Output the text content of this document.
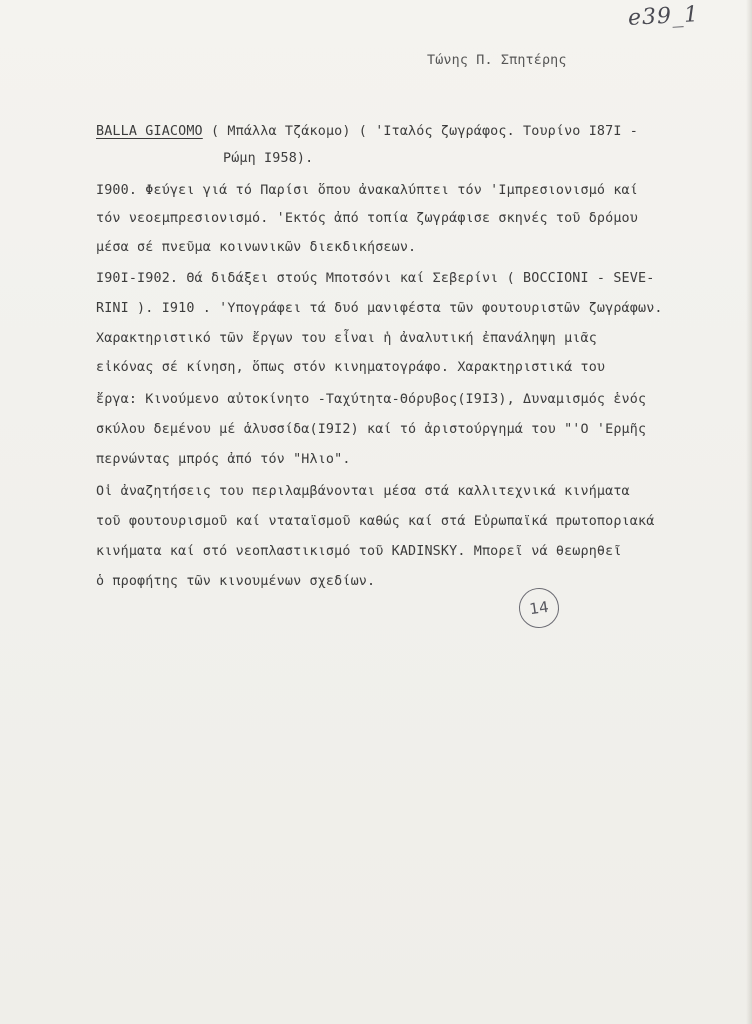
e39_1
Τώνης Π. Σπητέρης
BALLA GIACOMO ( Μπάλλα Τζάκομο) ( 'Ιταλός ζωγράφος. Τουρίνο Ι87Ι -
Ρώμη Ι958).
Ι900. Φεύγει γιά τό Παρίσι ὅπου ἀνακαλύπτει τόν 'Ιμπρεσιονισμό καί
τόν νεοεμπρεσιονισμό. 'Εκτός ἀπό τοπία ζωγράφισε σκηνές τοῦ δρόμου
μέσα σέ πνεῦμα κοινωνικῶν διεκδικήσεων.
Ι90Ι-Ι902. Θά διδάξει στούς Μποτσόνι καί Σεβερίνι ( BOCCIONI - SEVE-
RINI ). Ι910 . 'Υπογράφει τά δυό μανιφέστα τῶν φουτουριστῶν ζωγράφων.
Χαρακτηριστικό τῶν ἔργων του εἶναι ἡ ἀναλυτική ἐπανάληψη μιᾶς
εἰκόνας σέ κίνηση, ὅπως στόν κινηματογράφο. Χαρακτηριστικά του
ἔργα: Κινούμενο αὐτοκίνητο -Ταχύτητα-Θόρυβος(Ι9Ι3), Δυναμισμός ἑνός
σκύλου δεμένου μέ ἁλυσσίδα(Ι9Ι2) καί τό ἀριστούργημά του "'Ο 'Ερμῆς
περνώντας μπρός ἀπό τόν "Ηλιο".
Οἱ ἀναζητήσεις του περιλαμβάνονται μέσα στά καλλιτεχνικά κινήματα
τοῦ φουτουρισμοῦ καί νταταϊσμοῦ καθώς καί στά Εὐρωπαϊκά πρωτοποριακά
κινήματα καί στό νεοπλαστικισμό τοῦ KADINSKY. Μπορεῖ νά θεωρηθεῖ
ὁ προφήτης τῶν κινουμένων σχεδίων.
14
